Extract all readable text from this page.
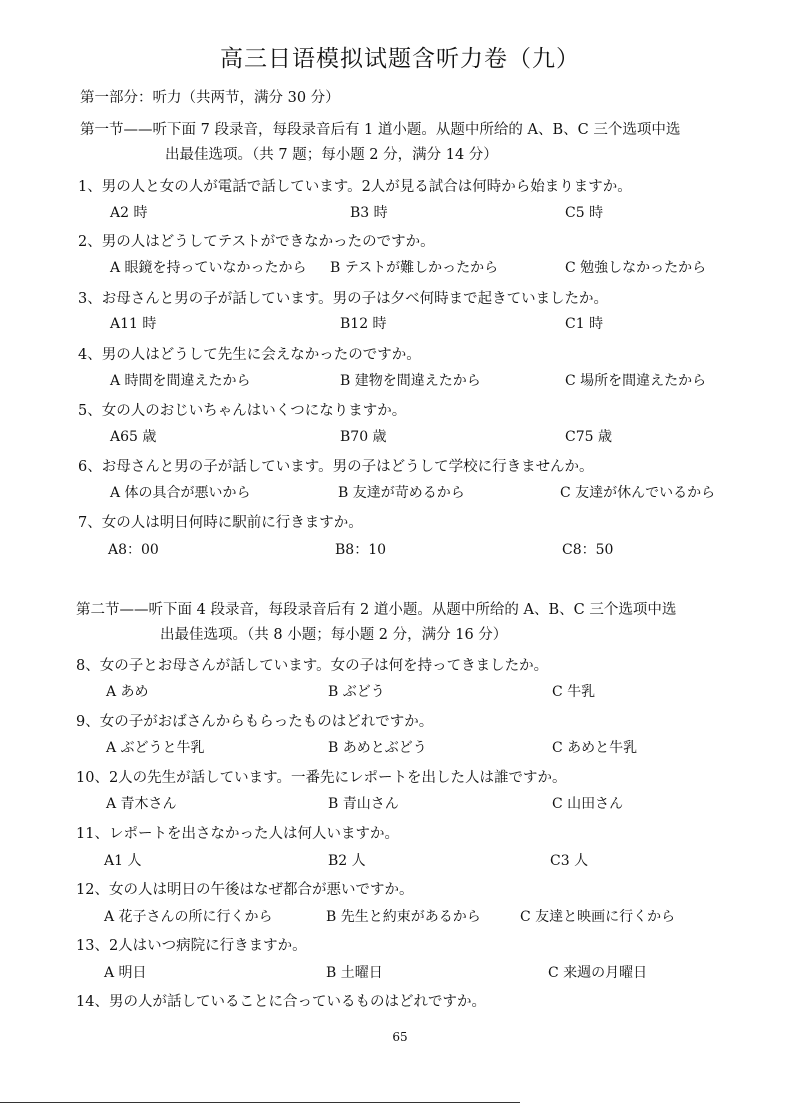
高三日语模拟试题含听力卷（九）
第一部分：听力（共两节，满分 30 分）
第一节——听下面 7 段录音，每段录音后有 1 道小题。从题中所给的 A、B、C 三个选项中选
出最佳选项。（共 7 题；每小题 2 分，满分 14 分）
1、男の人と女の人が電話で話しています。2人が見る試合は何時から始まりますか。
A2 時	B3 時	C5 時
2、男の人はどうしてテストができなかったのですか。
A 眼鏡を持っていなかったから B テストが難しかったから	C 勉強しなかったから
3、お母さんと男の子が話しています。男の子は夕べ何時まで起きていましたか。
A11 時	B12 時	C1 時
4、男の人はどうして先生に会えなかったのですか。
A 時間を間違えたから	B 建物を間違えたから	C 場所を間違えたから
5、女の人のおじいちゃんはいくつになりますか。
A65 歳	B70 歳	C75 歳
6、お母さんと男の子が話しています。男の子はどうして学校に行きませんか。
A 体の具合が悪いから	B 友達が苛めるから	C 友達が休んでいるから
7、女の人は明日何時に駅前に行きますか。
A8：00	B8：10	C8：50
第二节——听下面 4 段录音，每段录音后有 2 道小题。从题中所给的 A、B、C 三个选项中选
出最佳选项。（共 8 小题；每小题 2 分，满分 16 分）
8、女の子とお母さんが話しています。女の子は何を持ってきましたか。
A あめ	B ぶどう	C 牛乳
9、女の子がおばさんからもらったものはどれですか。
A ぶどうと牛乳	B あめとぶどう	C あめと牛乳
10、2人の先生が話しています。一番先にレポートを出した人は誰ですか。
A 青木さん	B 青山さん	C 山田さん
11、レポートを出さなかった人は何人いますか。
A1 人	B2 人	C3 人
12、女の人は明日の午後はなぜ都合が悪いですか。
A 花子さんの所に行くから	B 先生と約束があるから	C 友達と映画に行くから
13、2人はいつ病院に行きますか。
A 明日	B 土曜日	C 来週の月曜日
14、男の人が話していることに合っているものはどれですか。
65
